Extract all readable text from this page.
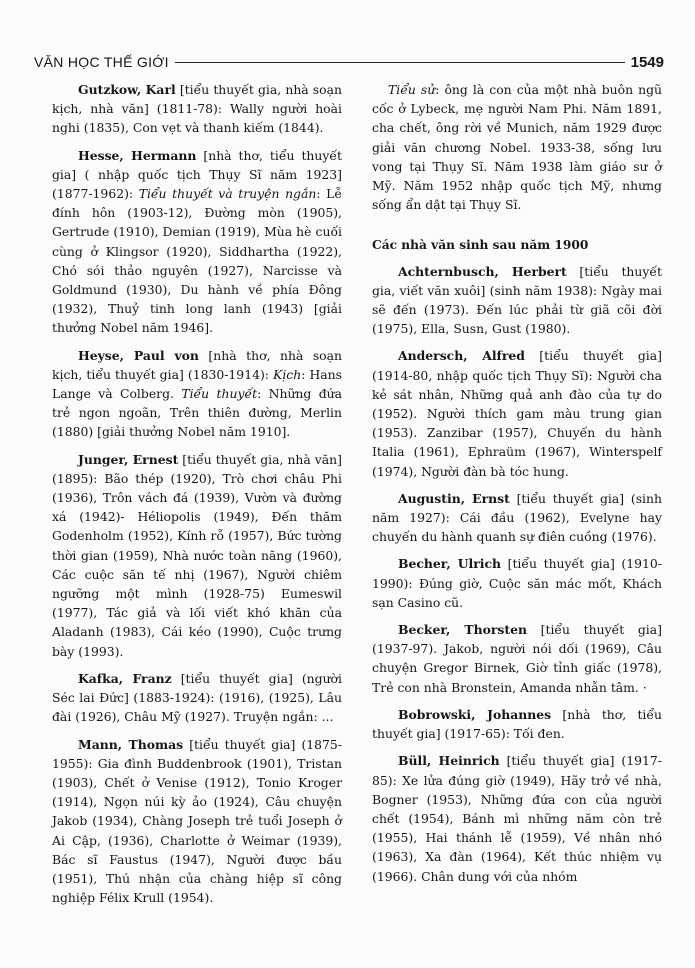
VĂN HỌC THẾ GIỚI	1549

Gutzkow, Karl [tiểu thuyết gia, nhà soạn kịch, nhà văn] (1811-78): Wally người hoài nghi (1835), Con vẹt và thanh kiếm (1844).

Hesse, Hermann [nhà thơ, tiểu thuyết gia] ( nhập quốc tịch Thụy Sĩ năm 1923] (1877-1962): Tiểu thuyết và truyện ngắn: Lễ đính hôn (1903-12), Đường mòn (1905), Gertrude (1910), Demian (1919), Mùa hè cuối cùng ở Klingsor (1920), Siddhartha (1922), Chó sói thảo nguyên (1927), Narcisse và Goldmund (1930), Du hành về phía Đông (1932), Thuỷ tinh long lanh (1943) [giải thưởng Nobel năm 1946].

Heyse, Paul von [nhà thơ, nhà soạn kịch, tiểu thuyết gia] (1830-1914): Kịch: Hans Lange và Colberg. Tiểu thuyết: Những đứa trẻ ngon ngoãn, Trên thiên đường, Merlin (1880) [giải thưởng Nobel năm 1910].

Junger, Ernest [tiểu thuyết gia, nhà văn] (1895): Bão thép (1920), Trò chơi châu Phi (1936), Trôn vách đá (1939), Vườn và đường xá (1942)- Héliopolis (1949), Đến thăm Godenholm (1952), Kính rỗ (1957), Bức tường thời gian (1959), Nhà nước toàn năng (1960), Các cuộc săn tế nhị (1967), Người chiêm ngưỡng một mình (1928-75) Eumeswil (1977), Tác giả và lối viết khó khăn của Aladanh (1983), Cái kéo (1990), Cuộc trưng bày (1993).

Kafka, Franz [tiểu thuyết gia] (người Séc lai Đức] (1883-1924): (1916), (1925), Lâu đài (1926), Châu Mỹ (1927). Truyện ngắn: ...

Mann, Thomas [tiểu thuyết gia] (1875-1955): Gia đình Buddenbrook (1901), Tristan (1903), Chết ở Venise (1912), Tonio Kroger (1914), Ngọn núi kỳ ảo (1924), Câu chuyện Jakob (1934), Chàng Joseph trẻ tuổi Joseph ở Ai Cập, (1936), Charlotte ở Weimar (1939), Bác sĩ Faustus (1947), Người được bầu (1951), Thú nhận của chàng hiệp sĩ công nghiệp Félix Krull (1954).

Tiểu sử: ông là con của một nhà buôn ngũ cốc ở Lybeck, mẹ người Nam Phi. Năm 1891, cha chết, ông rời về Munich, năm 1929 được giải văn chương Nobel. 1933-38, sống lưu vong tại Thụy Sĩ. Năm 1938 làm giáo sư ở Mỹ. Năm 1952 nhập quốc tịch Mỹ, nhưng sống ẩn dật tại Thụy Sĩ.

Các nhà văn sinh sau năm 1900

Achternbusch, Herbert [tiểu thuyết gia, viết văn xuôi] (sinh năm 1938): Ngày mai sẽ đến (1973). Đến lúc phải từ giã cõi đời (1975), Ella, Susn, Gust (1980).

Andersch, Alfred [tiểu thuyết gia] (1914-80, nhập quốc tịch Thụy Sĩ): Người cha kẻ sát nhân, Những quả anh đào của tự do (1952). Người thích gam màu trung gian (1953). Zanzibar (1957), Chuyến du hành Italia (1961), Ephraüm (1967), Winterspelf (1974), Người đàn bà tóc hung.

Augustin, Ernst [tiểu thuyết gia] (sinh năm 1927): Cái đầu (1962), Evelyne hay chuyến du hành quanh sự điên cuồng (1976).

Becher, Ulrich [tiểu thuyết gia] (1910-1990): Đúng giờ, Cuộc săn mác mốt, Khách sạn Casino cũ.

Becker, Thorsten [tiểu thuyết gia] (1937-97). Jakob, người nói dối (1969), Câu chuyện Gregor Birnek, Giờ tỉnh giấc (1978), Trẻ con nhà Bronstein, Amanda nhẫn tâm. ·

Bobrowski, Johannes [nhà thơ, tiểu thuyết gia] (1917-65): Tối đen.

Büll, Heinrich [tiểu thuyết gia] (1917-85): Xe lửa đúng giờ (1949), Hãy trở về nhà, Bogner (1953), Những đứa con của người chết (1954), Bánh mì những năm còn trẻ (1955), Hai thánh lễ (1959), Về nhân nhó (1963), Xa đàn (1964), Kết thúc nhiệm vụ (1966). Chân dung với của nhóm
